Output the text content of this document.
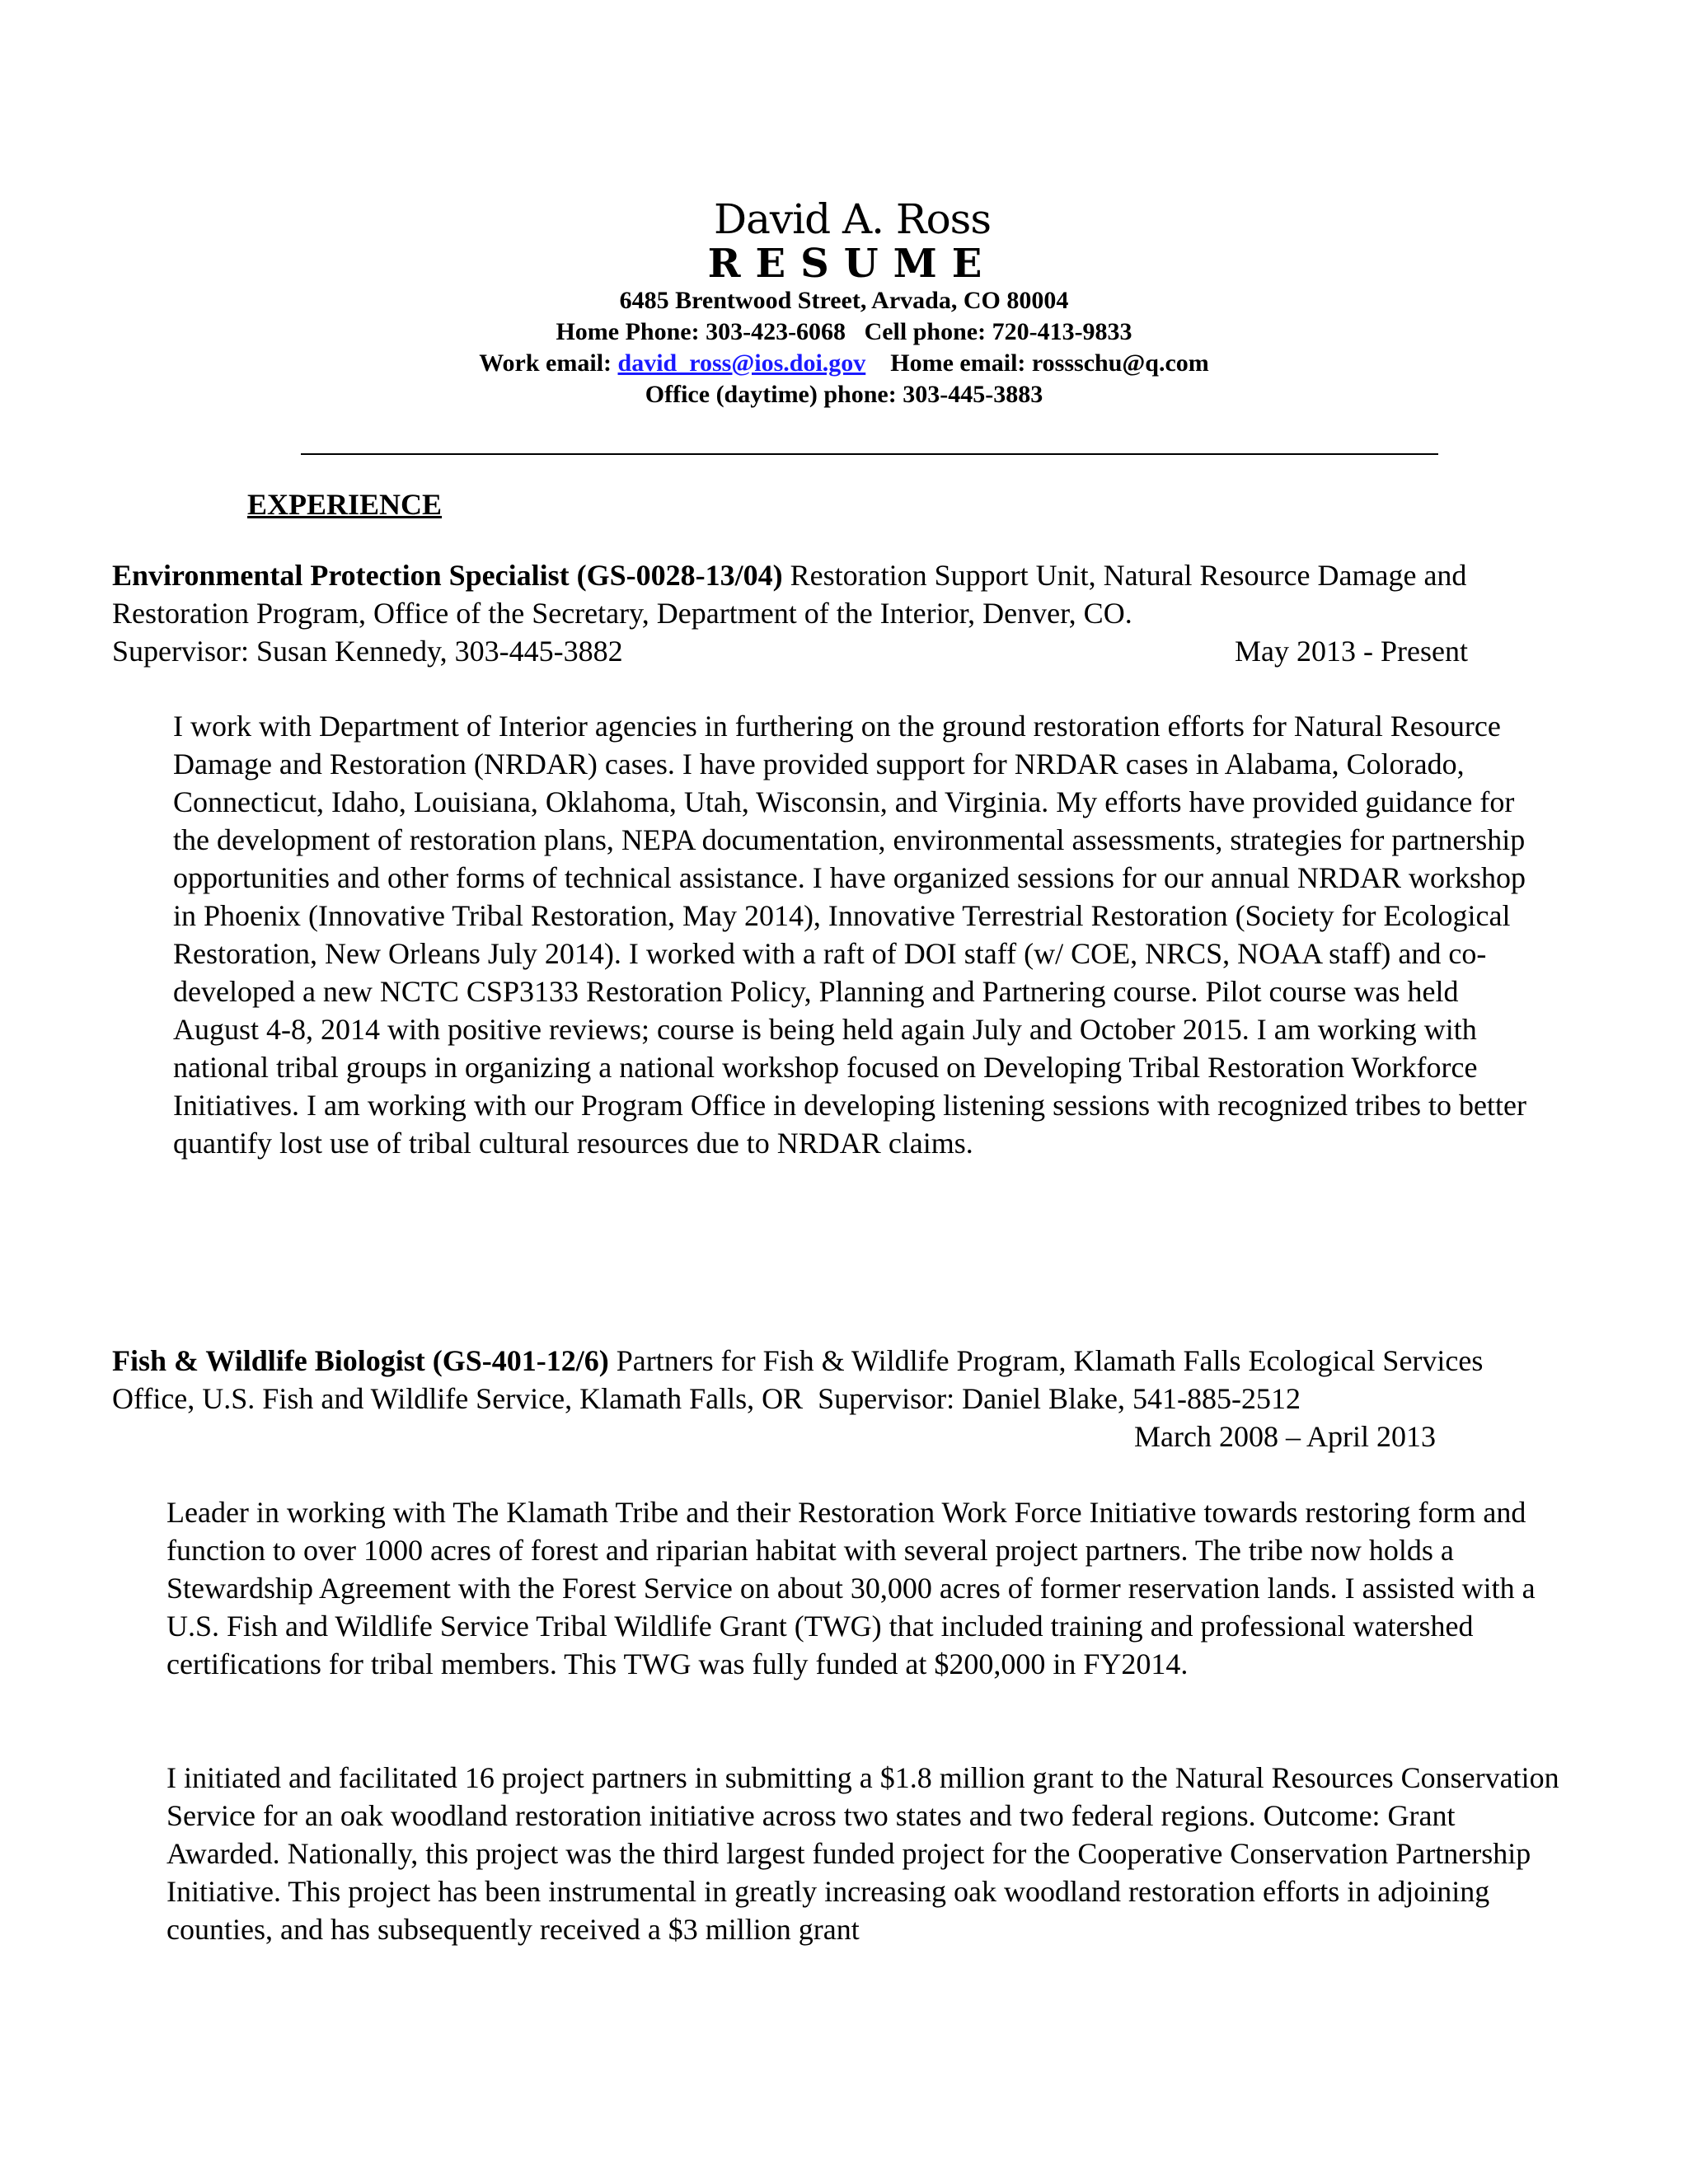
David A. Ross
RESUME
6485 Brentwood Street, Arvada, CO 80004
Home Phone: 303-423-6068 Cell phone: 720-413-9833
Work email: david_ross@ios.doi.gov Home email: rossschu@q.com
Office (daytime) phone: 303-445-3883
EXPERIENCE
Environmental Protection Specialist (GS-0028-13/04) Restoration Support Unit, Natural Resource Damage and Restoration Program, Office of the Secretary, Department of the Interior, Denver, CO.
Supervisor: Susan Kennedy, 303-445-3882	May 2013 - Present
I work with Department of Interior agencies in furthering on the ground restoration efforts for Natural Resource Damage and Restoration (NRDAR) cases. I have provided support for NRDAR cases in Alabama, Colorado, Connecticut, Idaho, Louisiana, Oklahoma, Utah, Wisconsin, and Virginia. My efforts have provided guidance for the development of restoration plans, NEPA documentation, environmental assessments, strategies for partnership opportunities and other forms of technical assistance. I have organized sessions for our annual NRDAR workshop in Phoenix (Innovative Tribal Restoration, May 2014), Innovative Terrestrial Restoration (Society for Ecological Restoration, New Orleans July 2014). I worked with a raft of DOI staff (w/ COE, NRCS, NOAA staff) and co-developed a new NCTC CSP3133 Restoration Policy, Planning and Partnering course. Pilot course was held August 4-8, 2014 with positive reviews; course is being held again July and October 2015. I am working with national tribal groups in organizing a national workshop focused on Developing Tribal Restoration Workforce Initiatives. I am working with our Program Office in developing listening sessions with recognized tribes to better quantify lost use of tribal cultural resources due to NRDAR claims.
Fish & Wildlife Biologist (GS-401-12/6) Partners for Fish & Wildlife Program, Klamath Falls Ecological Services Office, U.S. Fish and Wildlife Service, Klamath Falls, OR Supervisor: Daniel Blake, 541-885-2512
March 2008 – April 2013
Leader in working with The Klamath Tribe and their Restoration Work Force Initiative towards restoring form and function to over 1000 acres of forest and riparian habitat with several project partners. The tribe now holds a Stewardship Agreement with the Forest Service on about 30,000 acres of former reservation lands. I assisted with a U.S. Fish and Wildlife Service Tribal Wildlife Grant (TWG) that included training and professional watershed certifications for tribal members. This TWG was fully funded at $200,000 in FY2014.
I initiated and facilitated 16 project partners in submitting a $1.8 million grant to the Natural Resources Conservation Service for an oak woodland restoration initiative across two states and two federal regions. Outcome: Grant Awarded. Nationally, this project was the third largest funded project for the Cooperative Conservation Partnership Initiative. This project has been instrumental in greatly increasing oak woodland restoration efforts in adjoining counties, and has subsequently received a $3 million grant
